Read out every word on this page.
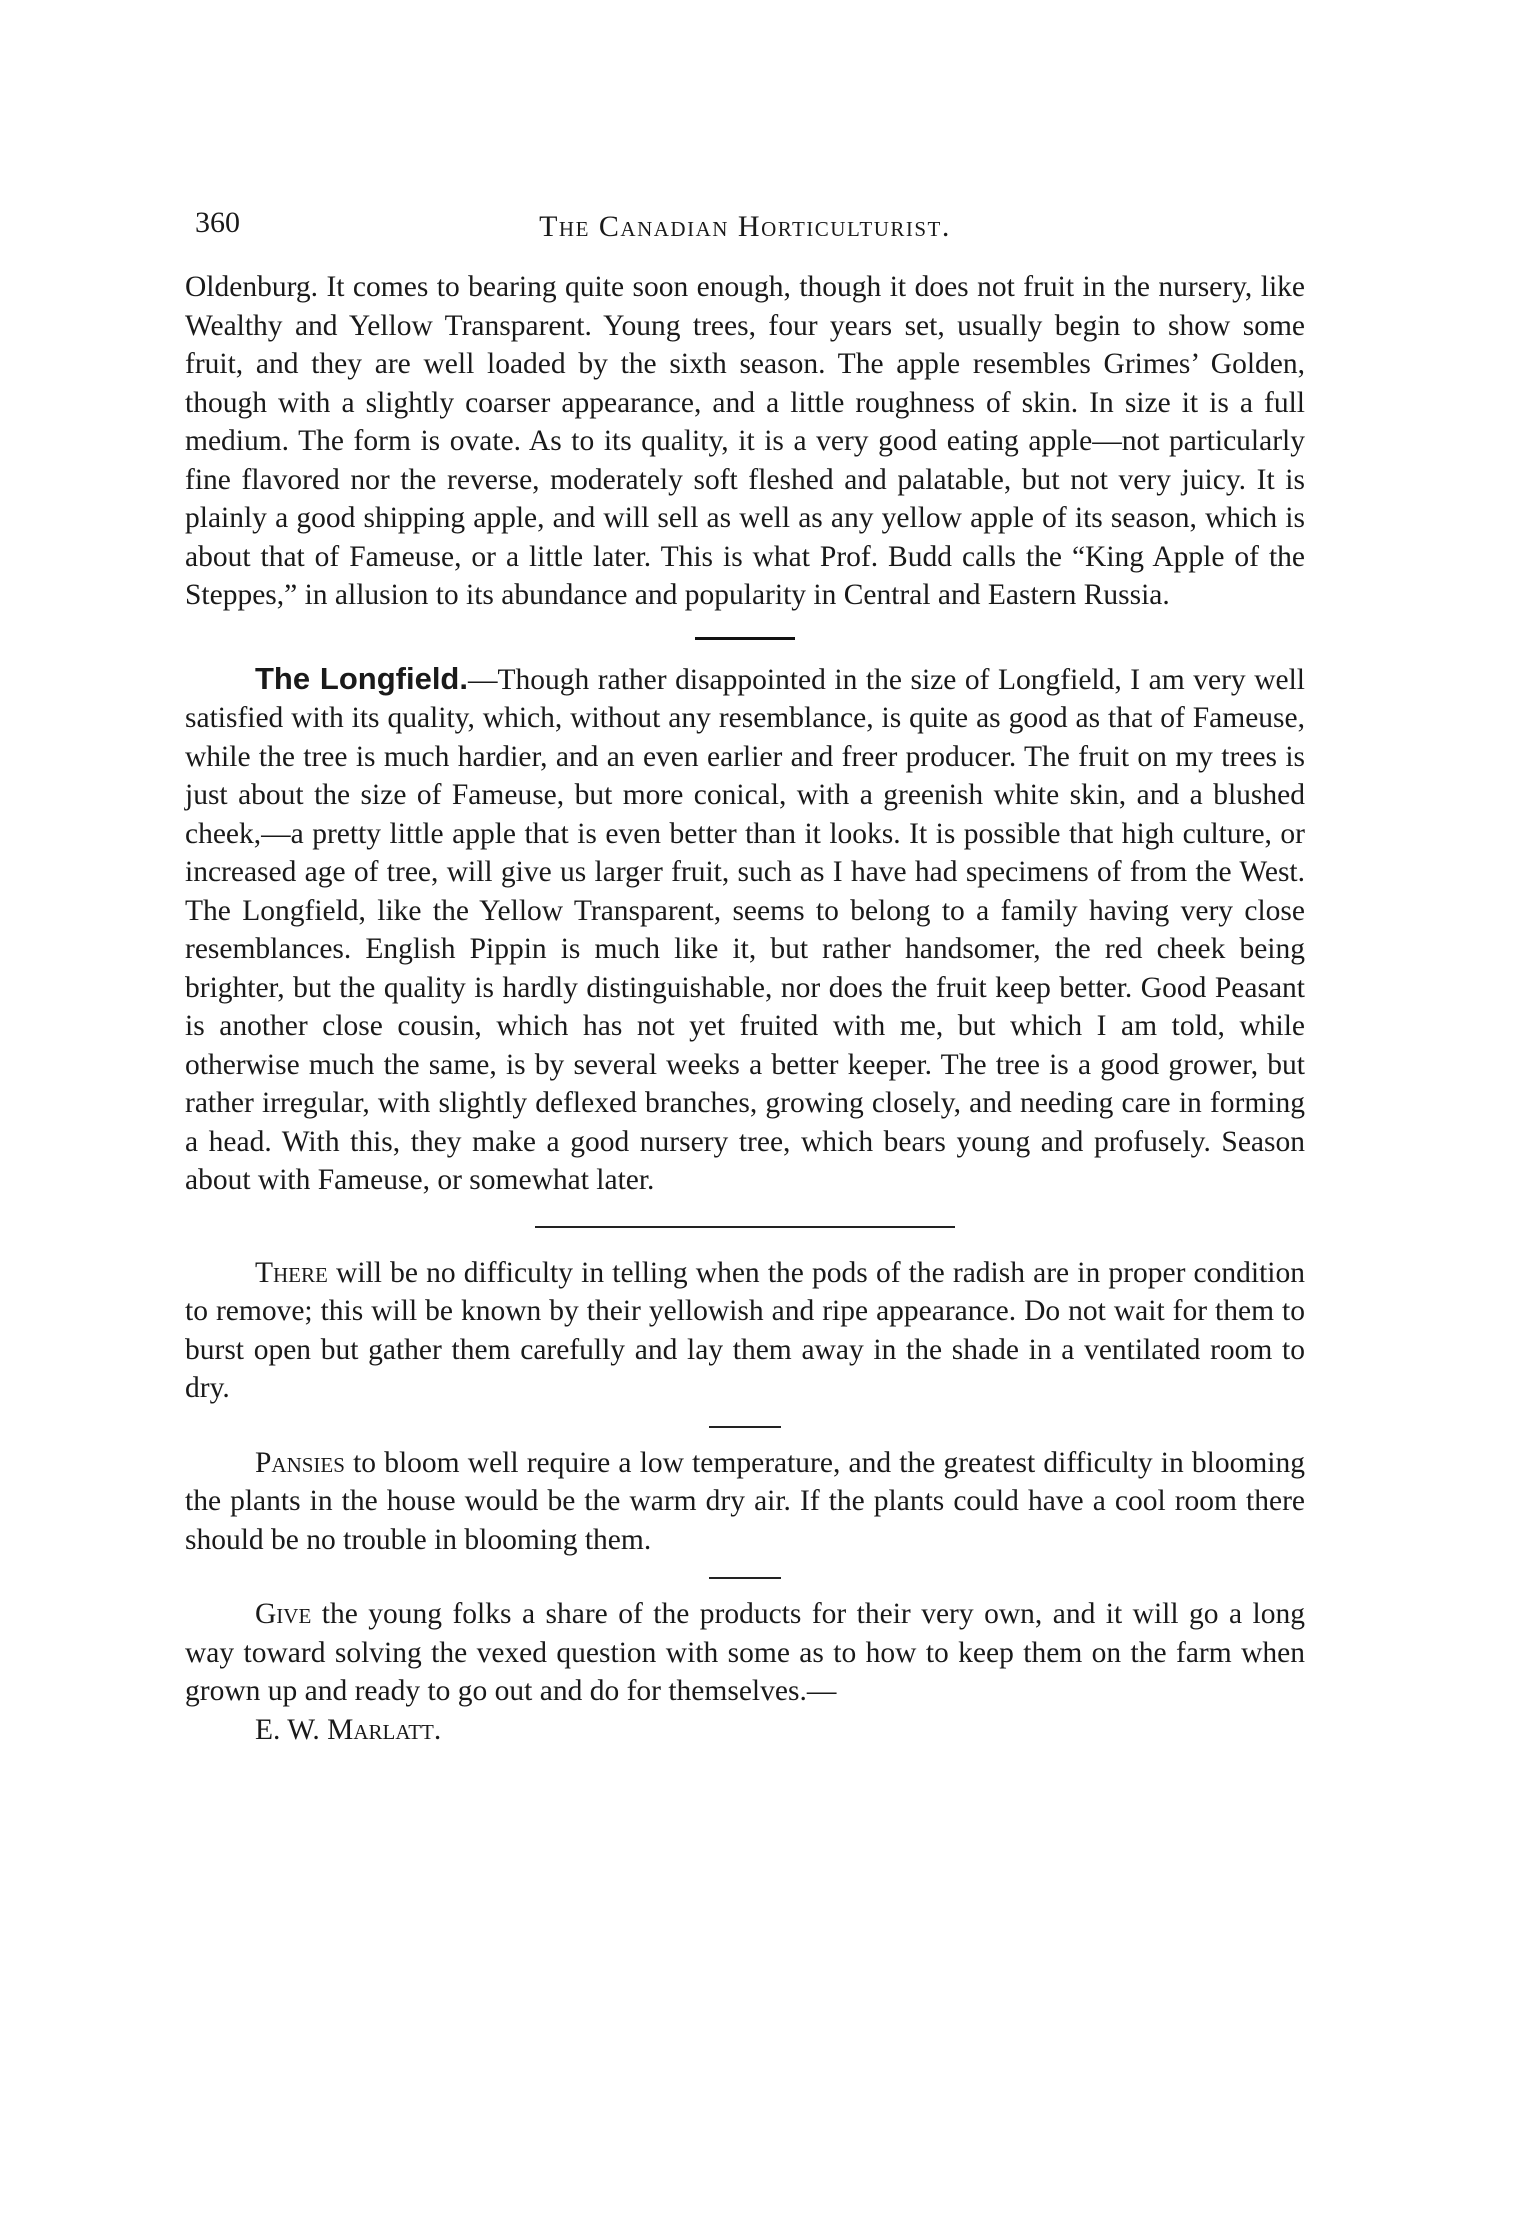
360	The Canadian Horticulturist.

Oldenburg. It comes to bearing quite soon enough, though it does not fruit in the nursery, like Wealthy and Yellow Transparent. Young trees, four years set, usually begin to show some fruit, and they are well loaded by the sixth season. The apple resembles Grimes’ Golden, though with a slightly coarser appearance, and a little roughness of skin. In size it is a full medium. The form is ovate. As to its quality, it is a very good eating apple—not particularly fine flavored nor the reverse, moderately soft fleshed and palatable, but not very juicy. It is plainly a good shipping apple, and will sell as well as any yellow apple of its season, which is about that of Fameuse, or a little later. This is what Prof. Budd calls the “King Apple of the Steppes,” in allusion to its abundance and popularity in Central and Eastern Russia.

The Longfield.—Though rather disappointed in the size of Longfield, I am very well satisfied with its quality, which, without any resemblance, is quite as good as that of Fameuse, while the tree is much hardier, and an even earlier and freer producer. The fruit on my trees is just about the size of Fameuse, but more conical, with a greenish white skin, and a blushed cheek,—a pretty little apple that is even better than it looks. It is possible that high culture, or increased age of tree, will give us larger fruit, such as I have had specimens of from the West. The Longfield, like the Yellow Transparent, seems to belong to a family having very close resemblances. English Pippin is much like it, but rather handsomer, the red cheek being brighter, but the quality is hardly distinguishable, nor does the fruit keep better. Good Peasant is another close cousin, which has not yet fruited with me, but which I am told, while otherwise much the same, is by several weeks a better keeper. The tree is a good grower, but rather irregular, with slightly deflexed branches, growing closely, and needing care in forming a head. With this, they make a good nursery tree, which bears young and profusely. Season about with Fameuse, or somewhat later.

There will be no difficulty in telling when the pods of the radish are in proper condition to remove; this will be known by their yellowish and ripe appearance. Do not wait for them to burst open but gather them carefully and lay them away in the shade in a ventilated room to dry.

Pansies to bloom well require a low temperature, and the greatest difficulty in blooming the plants in the house would be the warm dry air. If the plants could have a cool room there should be no trouble in blooming them.

Give the young folks a share of the products for their very own, and it will go a long way toward solving the vexed question with some as to how to keep them on the farm when grown up and ready to go out and do for themselves.—
E. W. Marlatt.
